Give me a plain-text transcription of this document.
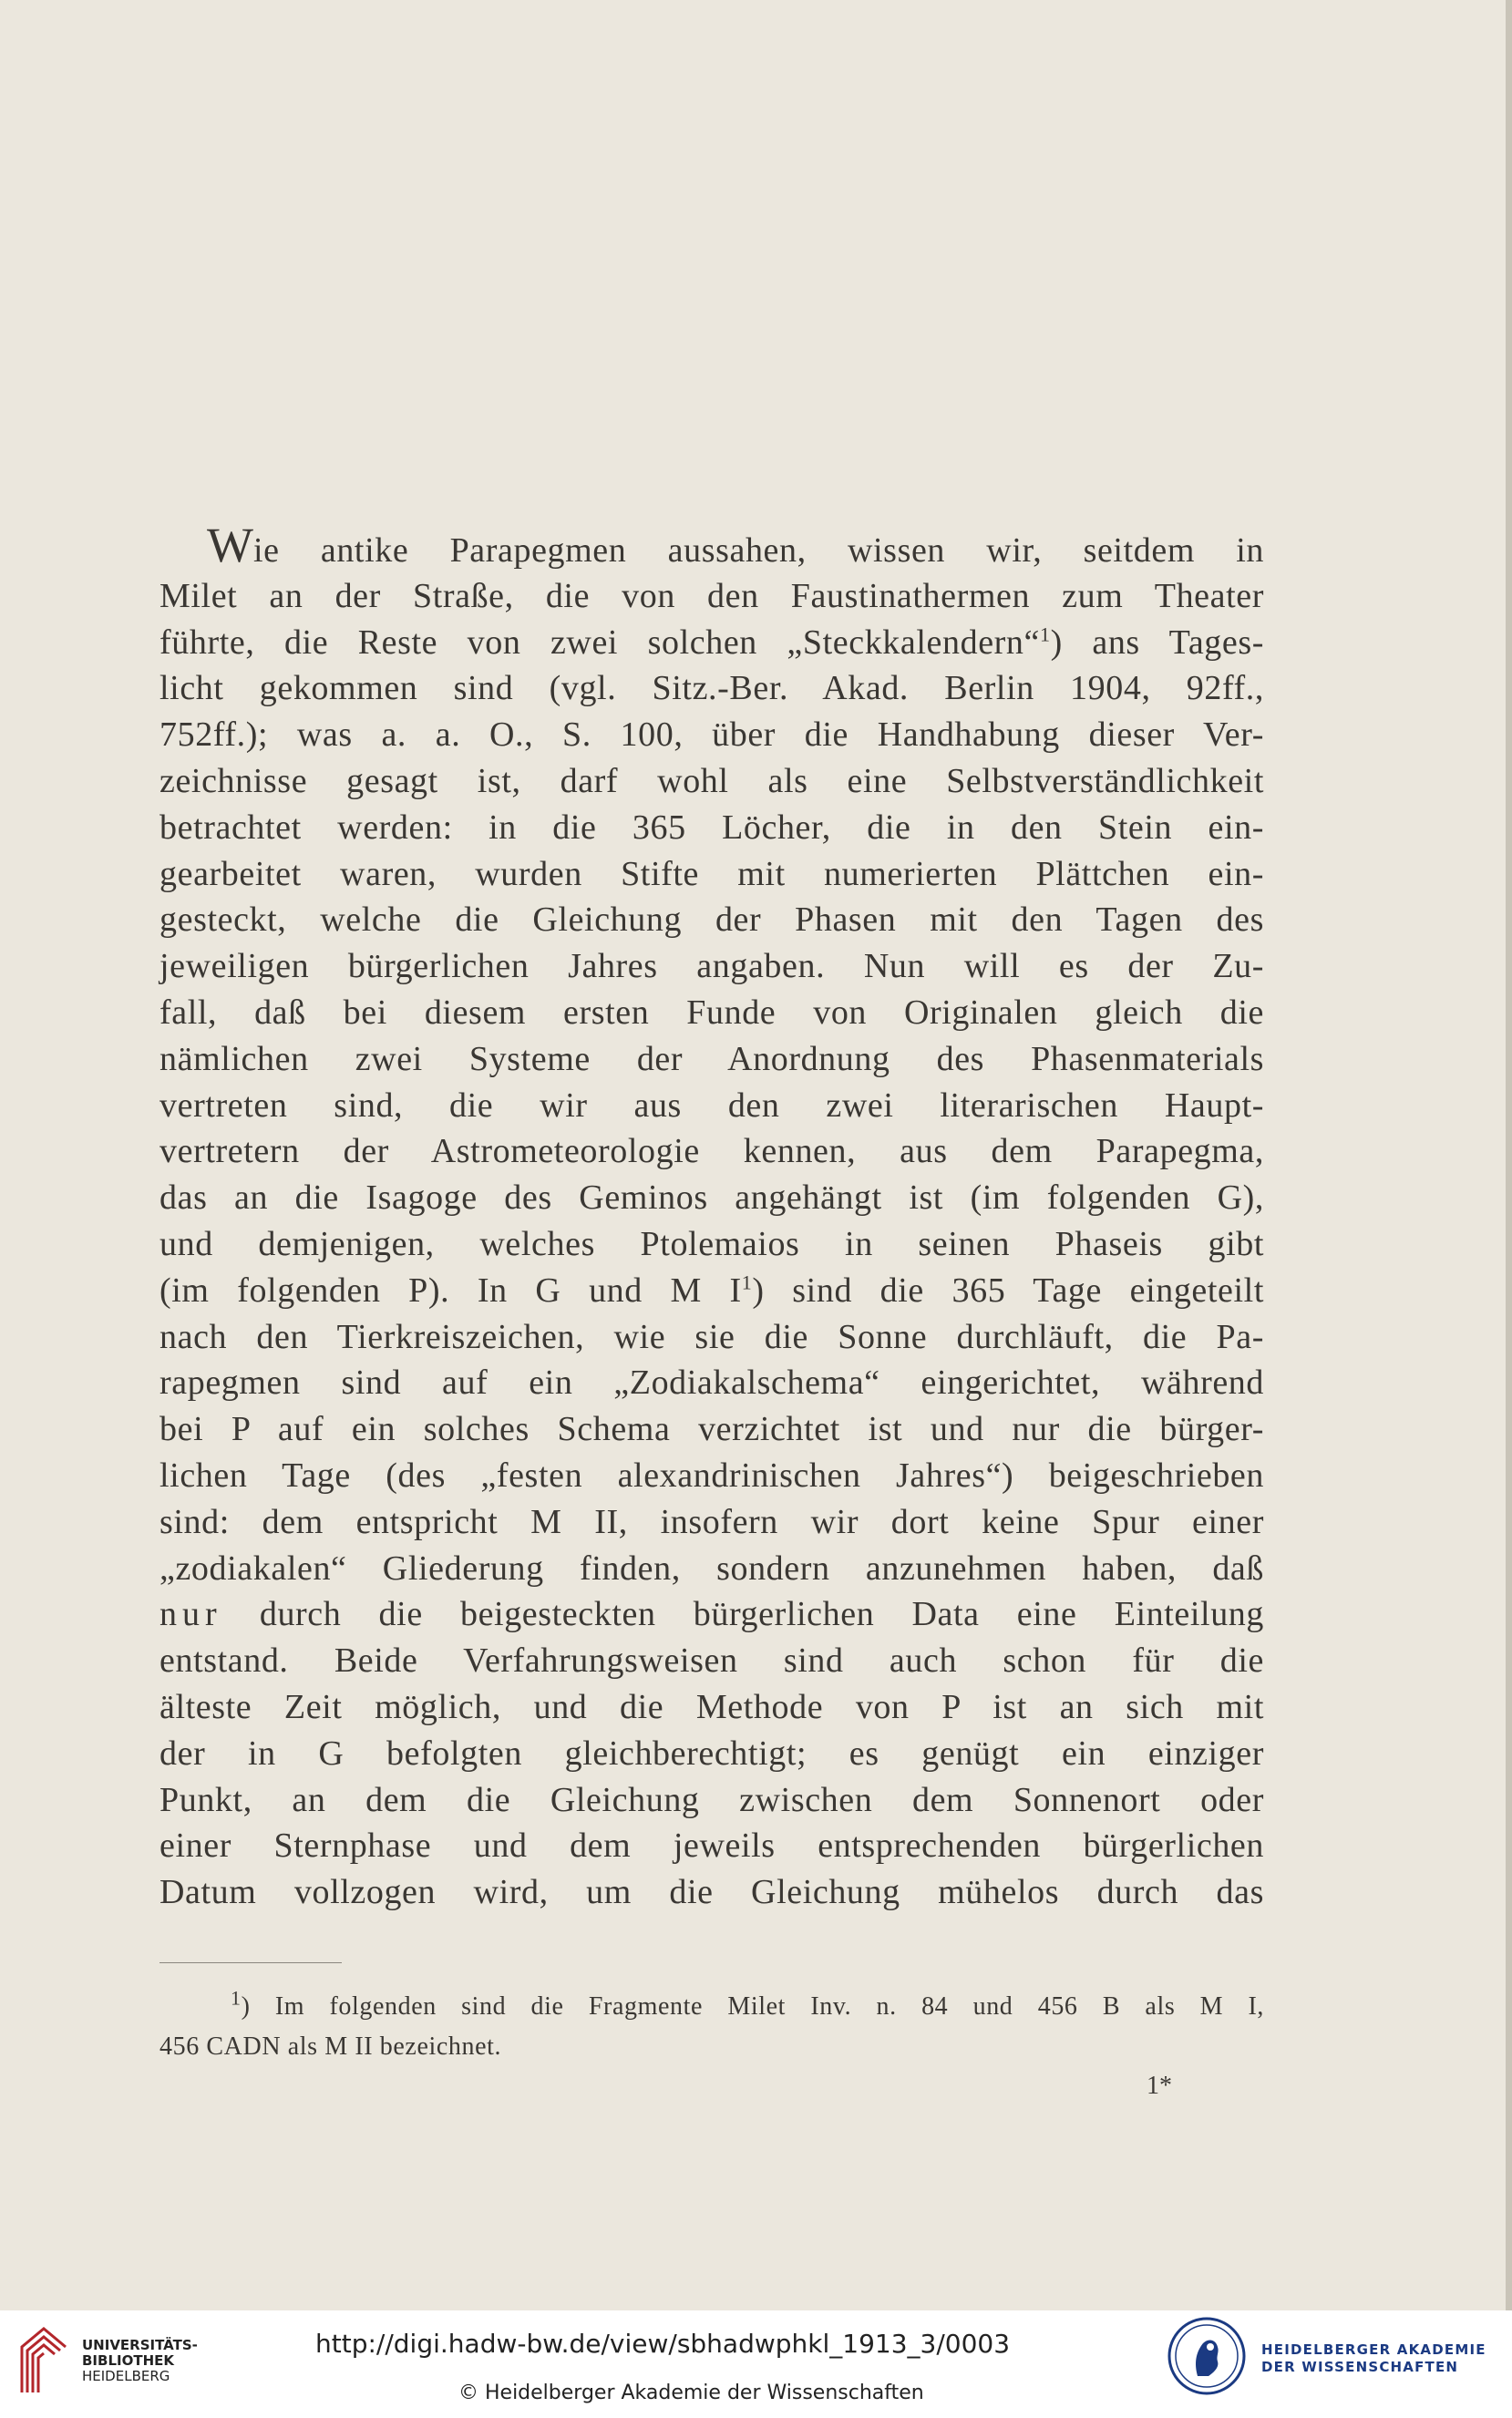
Wie antike Parapegmen aussahen, wissen wir, seitdem in
Milet an der Straße, die von den Faustinathermen zum Theater
führte, die Reste von zwei solchen „Steckkalendern“$^1$) ans Tages-
licht gekommen sind (vgl. Sitz.-Ber. Akad. Berlin 1904, 92ff.,
752ff.); was a. a. O., S. 100, über die Handhabung dieser Ver-
zeichnisse gesagt ist, darf wohl als eine Selbstverständlichkeit
betrachtet werden: in die 365 Löcher, die in den Stein ein-
gearbeitet waren, wurden Stifte mit numerierten Plättchen ein-
gesteckt, welche die Gleichung der Phasen mit den Tagen des
jeweiligen bürgerlichen Jahres angaben. Nun will es der Zu-
fall, daß bei diesem ersten Funde von Originalen gleich die
nämlichen zwei Systeme der Anordnung des Phasenmaterials
vertreten sind, die wir aus den zwei literarischen Haupt-
vertretern der Astrometeorologie kennen, aus dem Parapegma,
das an die Isagoge des Geminos angehängt ist (im folgenden G),
und demjenigen, welches Ptolemaios in seinen Phaseis gibt
(im folgenden P). In G und M I$^1$) sind die 365 Tage eingeteilt
nach den Tierkreiszeichen, wie sie die Sonne durchläuft, die Pa-
rapegmen sind auf ein „Zodiakalschema“ eingerichtet, während
bei P auf ein solches Schema verzichtet ist und nur die bürger-
lichen Tage (des „festen alexandrinischen Jahres“) beigeschrieben
sind: dem entspricht M II, insofern wir dort keine Spur einer
„zodiakalen“ Gliederung finden, sondern anzunehmen haben, daß
nur durch die beigesteckten bürgerlichen Data eine Einteilung
entstand. Beide Verfahrungsweisen sind auch schon für die
älteste Zeit möglich, und die Methode von P ist an sich mit
der in G befolgten gleichberechtigt; es genügt ein einziger
Punkt, an dem die Gleichung zwischen dem Sonnenort oder
einer Sternphase und dem jeweils entsprechenden bürgerlichen
Datum vollzogen wird, um die Gleichung mühelos durch das
$^1$) Im folgenden sind die Fragmente Milet Inv. n. 84 und 456 B als M I,
456 CADN als M II bezeichnet.
1*
UNIVERSITÄTS-
BIBLIOTHEK
HEIDELBERG
http://digi.hadw-bw.de/view/sbhadwphkl_1913_3/0003
© Heidelberger Akademie der Wissenschaften
HEIDELBERGER AKADEMIE
DER WISSENSCHAFTEN
